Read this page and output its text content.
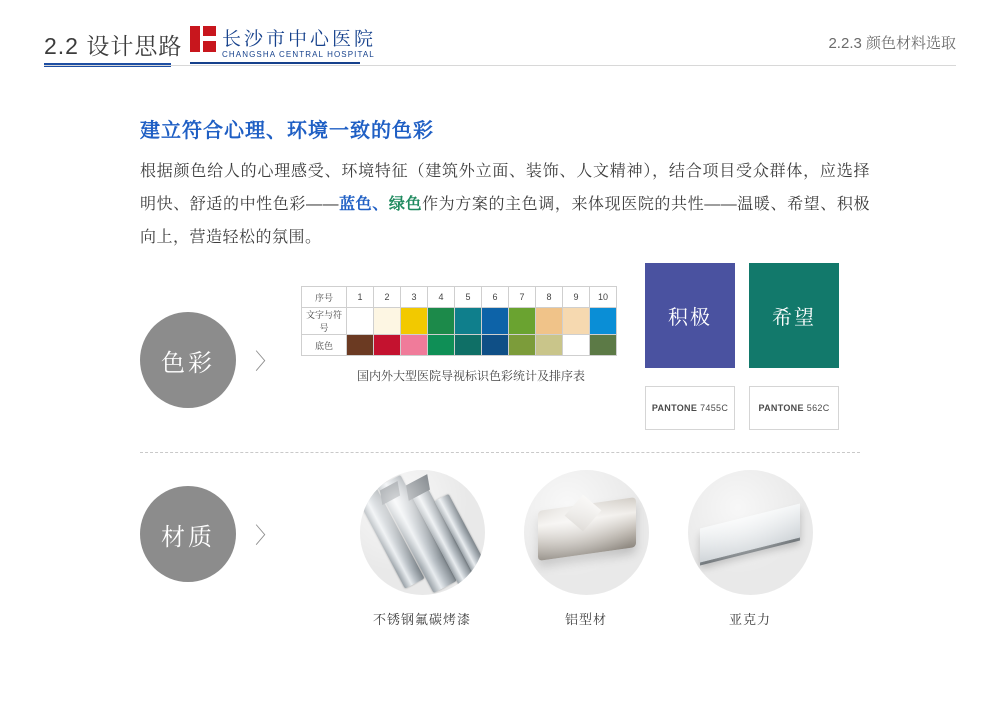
2.2 设计思路 长沙市中心医院
CHANGSHA CENTRAL HOSPITAL
2.2.3 颜色材料选取
建立符合心理、环境一致的色彩
根据颜色给人的心理感受、环境特征（建筑外立面、装饰、人文精神），结合项目受众群体，应选择明快、舒适的中性色彩——蓝色、绿色作为方案的主色调，来体现医院的共性——温暖、希望、积极向上，营造轻松的氛围。
色彩 〉
序号	1	2	3	4	5	6	7	8	9	10
文字与符号										
底色										
国内外大型医院导视标识色彩统计及排序表
积极
PANTONE 7455C
希望
PANTONE 562C
材质 〉
不锈钢氟碳烤漆	铝型材	亚克力
